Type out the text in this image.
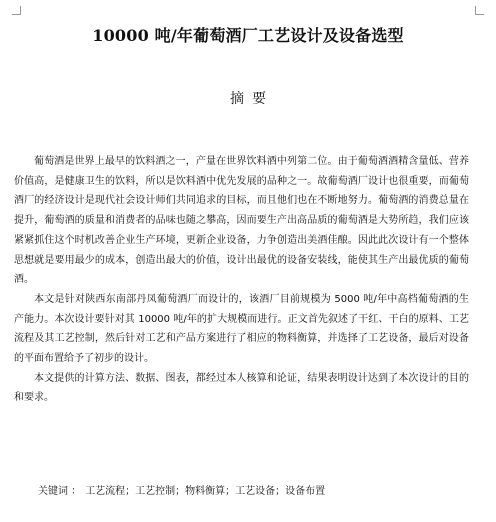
10000 吨/年葡萄酒厂工艺设计及设备选型
摘要

葡萄酒是世界上最早的饮料酒之一，产量在世界饮料酒中列第二位。由于葡萄酒酒精含量低、营养价值高，是健康卫生的饮料，所以是饮料酒中优先发展的品种之一。故葡萄酒厂设计也很重要，而葡萄酒厂的经济设计是现代社会设计师们共同追求的目标，而且他们也在不断地努力。葡萄酒的消费总量在提升，葡萄酒的质量和消费者的品味也随之攀高，因而要生产出高品质的葡萄酒是大势所趋，我们应该紧紧抓住这个时机改善企业生产环境，更新企业设备，力争创造出美酒佳酿。因此此次设计有一个整体思想就是要用最少的成本，创造出最大的价值，设计出最优的设备安装线，能使其生产出最优质的葡萄酒。

本文是针对陕西东南部丹凤葡萄酒厂而设计的，该酒厂目前规模为 5000 吨/年中高档葡萄酒的生产能力。本次设计要针对其 10000 吨/年的扩大规模而进行。正文首先叙述了干红、干白的原料、工艺流程及其工艺控制，然后针对工艺和产品方案进行了相应的物料衡算，并选择了工艺设备，最后对设备的平面布置给予了初步的设计。

本文提供的计算方法、数据、图表，都经过本人核算和论证，结果表明设计达到了本次设计的目的和要求。

关键词 ： 工艺流程；工艺控制；物料衡算；工艺设备；设备布置
